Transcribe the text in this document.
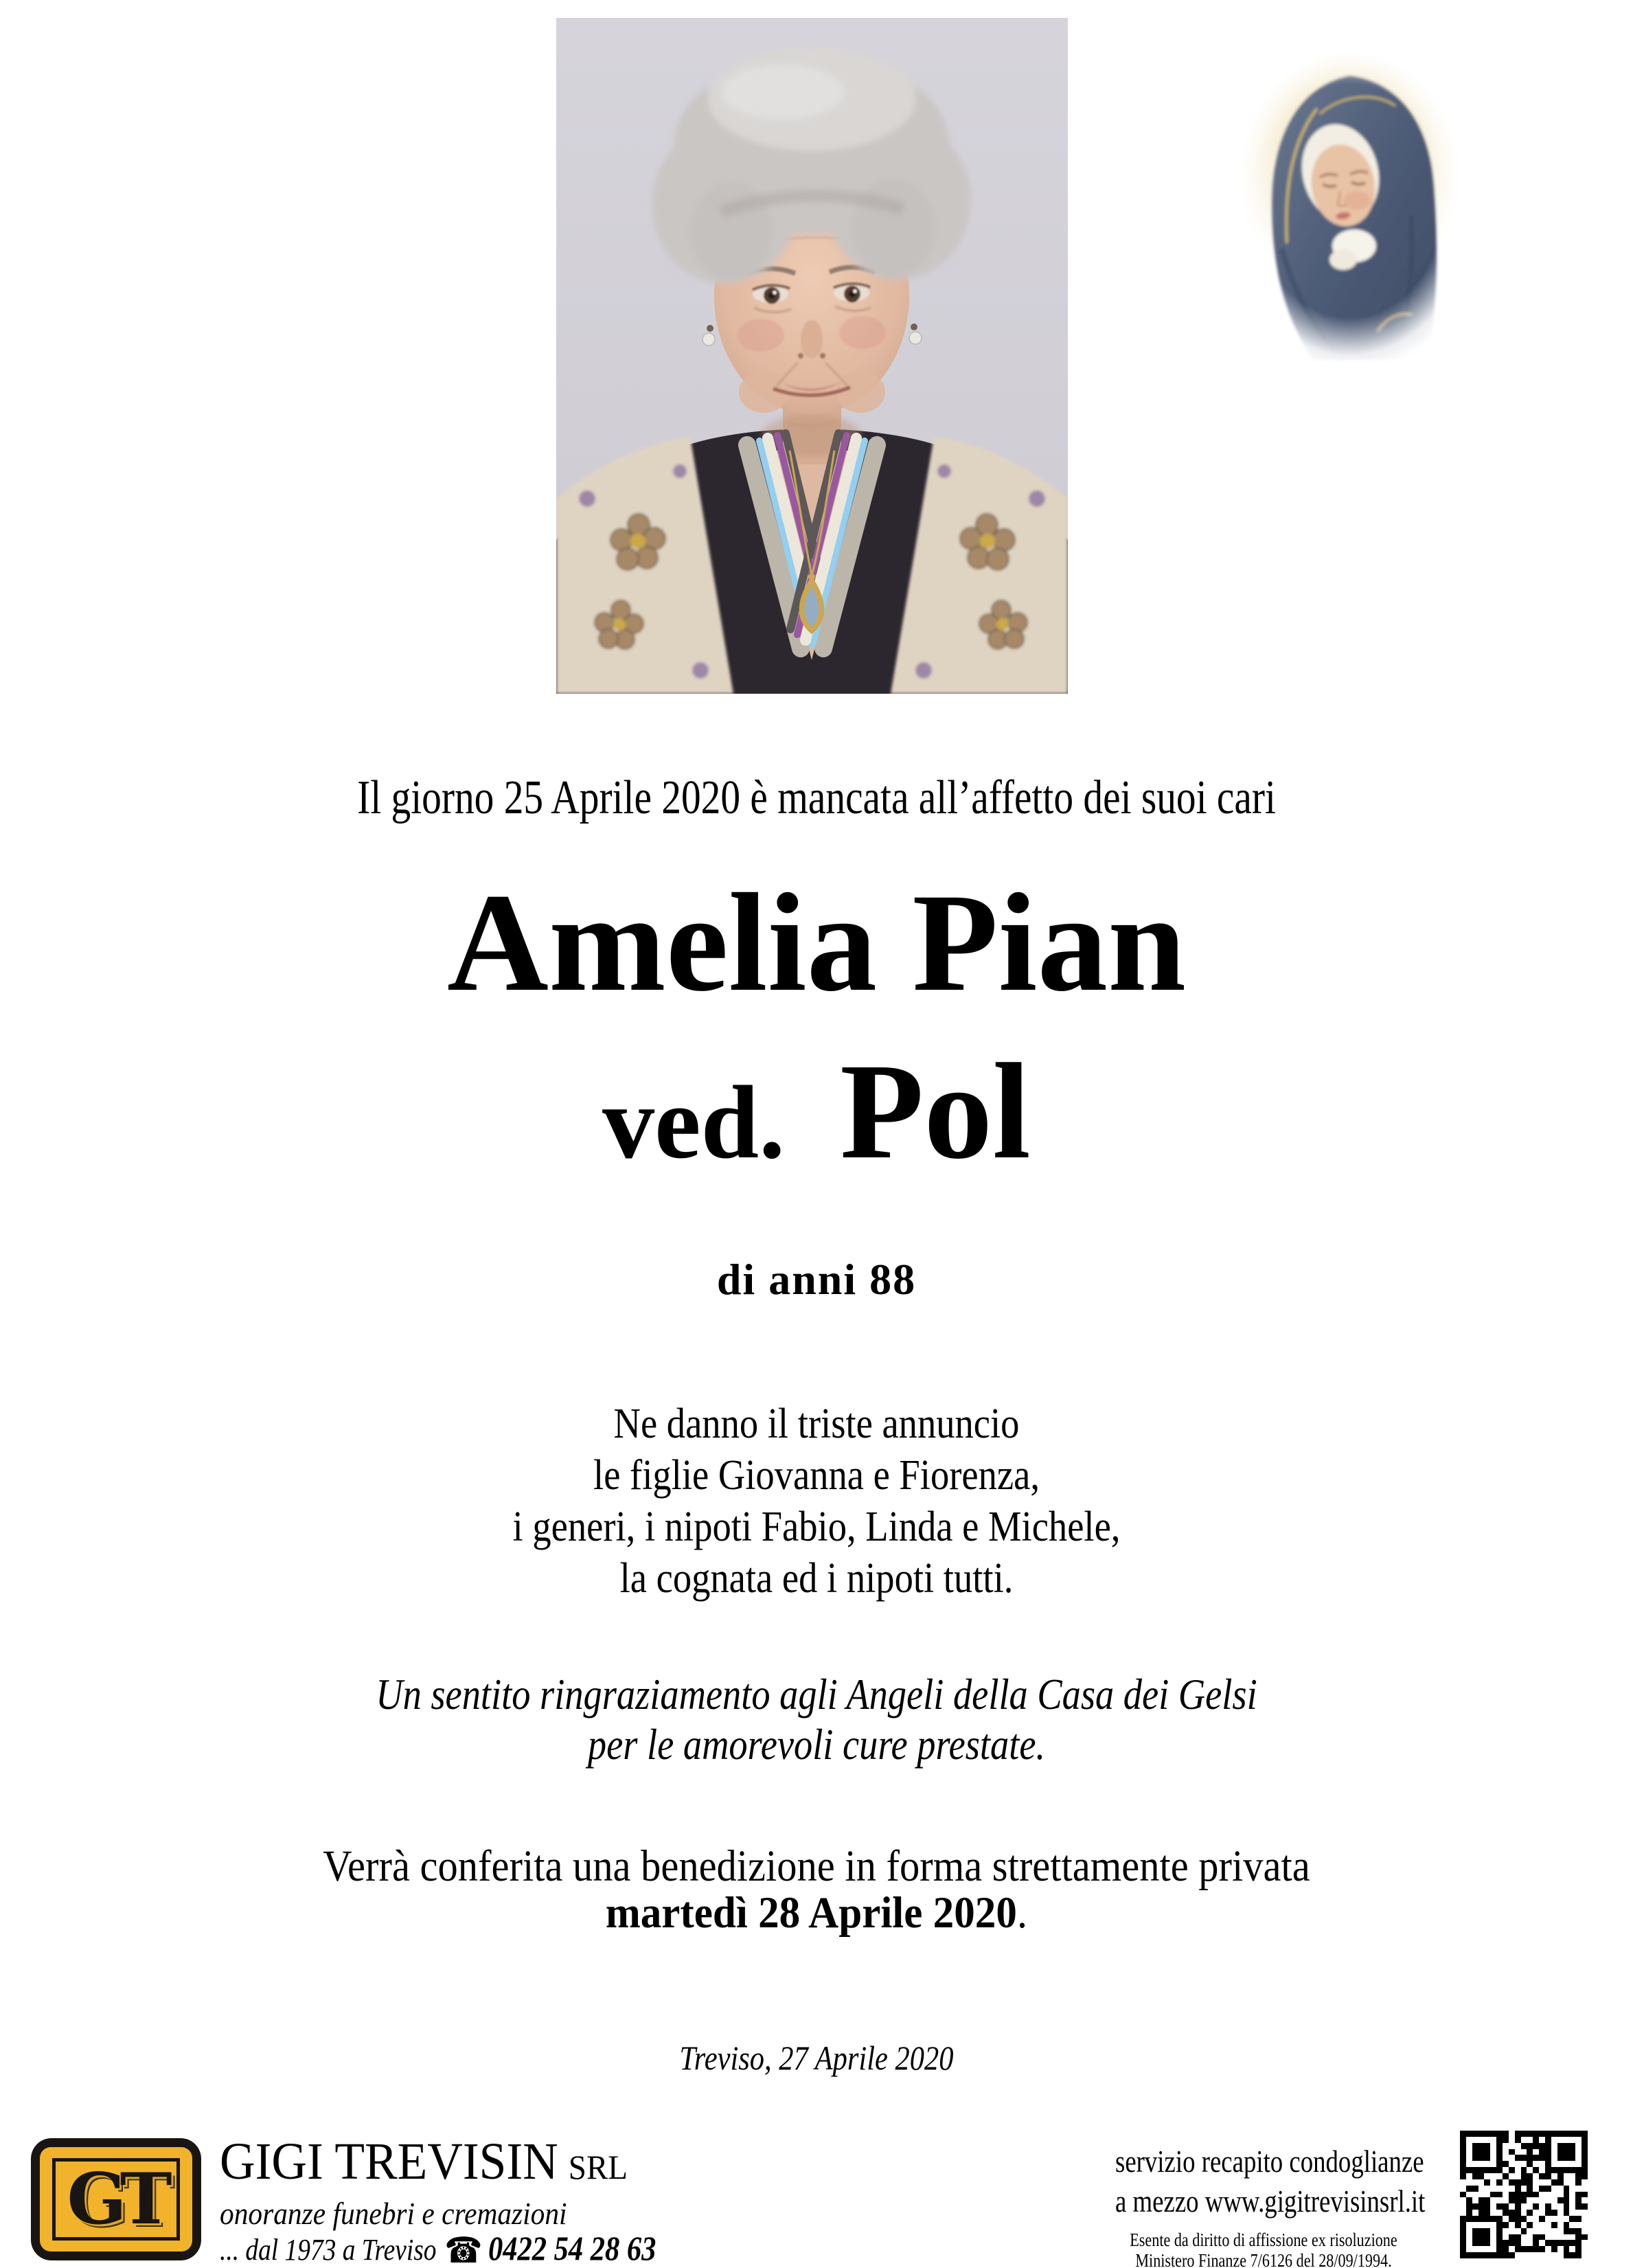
Il giorno 25 Aprile 2020 è mancata all’affetto dei suoi cari
Amelia Pian
ved. Pol
di anni 88
Ne danno il triste annuncio
le figlie Giovanna e Fiorenza,
i generi, i nipoti Fabio, Linda e Michele,
la cognata ed i nipoti tutti.
Un sentito ringraziamento agli Angeli della Casa dei Gelsi
per le amorevoli cure prestate.
Verrà conferita una benedizione in forma strettamente privata
martedì 28 Aprile 2020.
Treviso, 27 Aprile 2020
GT GIGI TREVISIN SRL
onoranze funebri e cremazioni
... dal 1973 a Treviso ☎ 0422 54 28 63
servizio recapito condoglianze
a mezzo www.gigitrevisinsrl.it
Esente da diritto di affissione ex risoluzione
Ministero Finanze 7/6126 del 28/09/1994.
